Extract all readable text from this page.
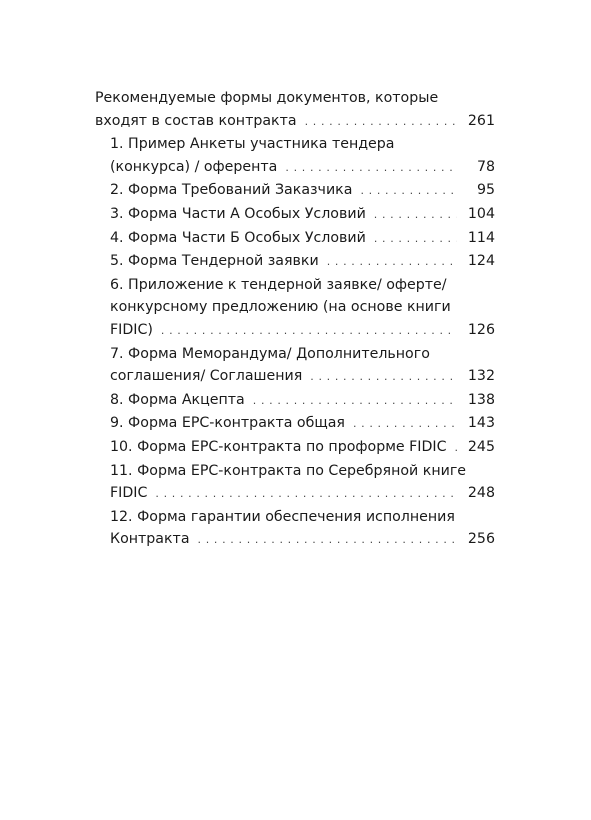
Рекомендуемые формы документов, которые
входят в состав контракта . . .	261
1. Пример Анкеты участника тендера
(конкурса) / оферента . . .	78
2. Форма Требований Заказчика . . .	95
3. Форма Части А Особых Условий . . .	104
4. Форма Части Б Особых Условий . . .	114
5. Форма Тендерной заявки . . .	124
6. Приложение к тендерной заявке/ оферте/
конкурсному предложению (на основе книги
FIDIC) . . .	126
7. Форма Меморандума/ Дополнительного
соглашения/ Соглашения . . .	132
8. Форма Акцепта . . .	138
9. Форма EPC-контракта общая . . .	143
10. Форма EPC-контракта по проформе FIDIC . . .	245
11. Форма EPC-контракта по Серебряной книге
FIDIC . . .	248
12. Форма гарантии обеспечения исполнения
Контракта . . .	256
